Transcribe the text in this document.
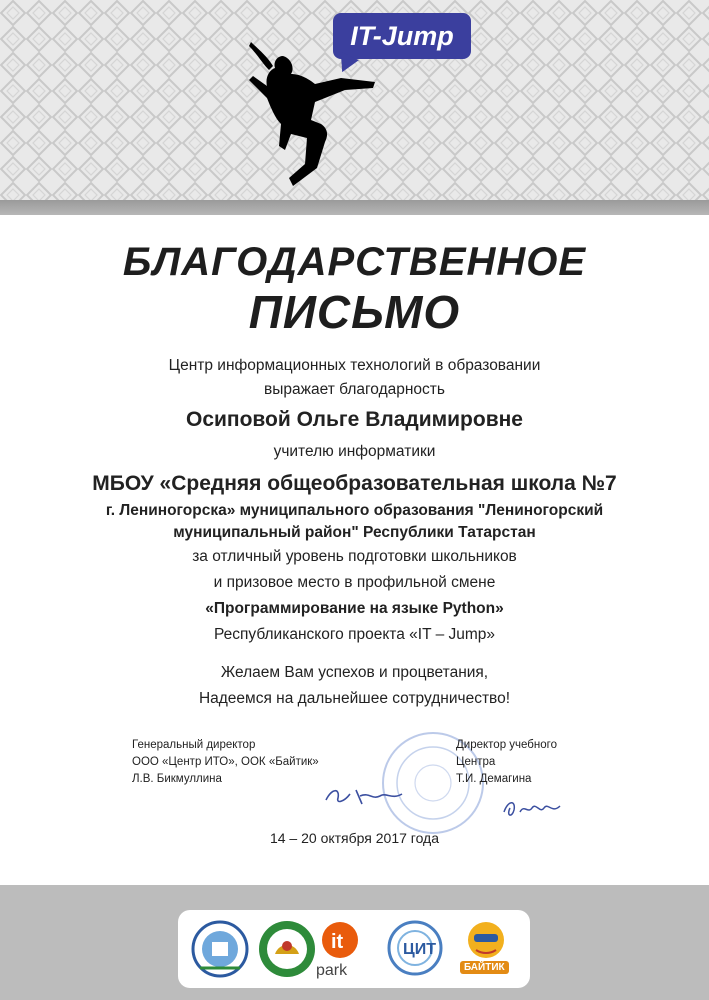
IT-Jump
БЛАГОДАРСТВЕННОЕ
ПИСЬМО
Центр информационных технологий в образовании
выражает благодарность
Осиповой Ольге Владимировне
учителю информатики
МБОУ «Средняя общеобразовательная школа №7
г. Лениногорска» муниципального образования "Лениногорский
муниципальный район" Республики Татарстан
за отличный уровень подготовки школьников
и призовое место в профильной смене
«Программирование на языке Python»
Республиканского проекта «IT – Jump»
Желаем Вам успехов и процветания,
Надеемся на дальнейшее сотрудничество!
Генеральный директор
ООО «Центр ИТО», ООК «Байтик»
Л.В. Бикмуллина
Директор учебного
Центра
Т.И. Демагина
14 – 20 октября 2017 года
it
park
ЦИТ
БАЙТИК
